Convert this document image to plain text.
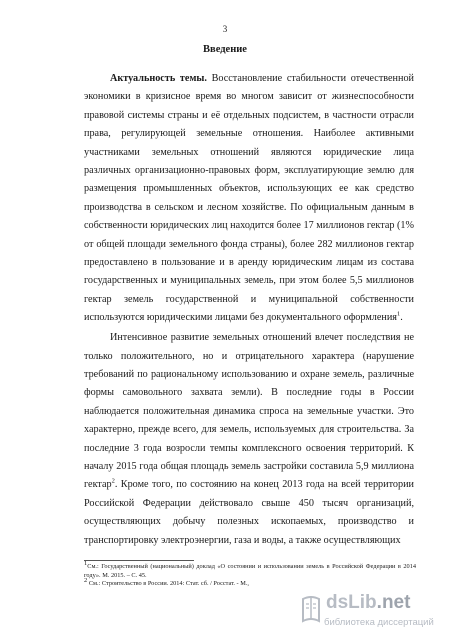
3
Введение

Актуальность темы. Восстановление стабильности отечественной экономики в кризисное время во многом зависит от жизнеспособности правовой системы страны и её отдельных подсистем, в частности отрасли права, регулирующей земельные отношения. Наиболее активными участниками земельных отношений являются юридические лица различных организационно-правовых форм, эксплуатирующие землю для размещения промышленных объектов, использующих ее как средство производства в сельском и лесном хозяйстве. По официальным данным в собственности юридических лиц находится более 17 миллионов гектар (1% от общей площади земельного фонда страны), более 282 миллионов гектар предоставлено в пользование и в аренду юридическим лицам из состава государственных и муниципальных земель, при этом более 5,5 миллионов гектар земель государственной и муниципальной собственности используются юридическими лицами без документального оформления$^1$.

Интенсивное развитие земельных отношений влечет последствия не только положительного, но и отрицательного характера (нарушение требований по рациональному использованию и охране земель, различные формы самовольного захвата земли). В последние годы в России наблюдается положительная динамика спроса на земельные участки. Это характерно, прежде всего, для земель, используемых для строительства. За последние 3 года возросли темпы комплексного освоения территорий. К началу 2015 года общая площадь земель застройки составила 5,9 миллиона гектар$^2$. Кроме того, по состоянию на конец 2013 года на всей территории Российской Федерации действовало свыше 450 тысяч организаций, осуществляющих добычу полезных ископаемых, производство и транспортировку электроэнергии, газа и воды, а также осуществляющих

$^1$См.: Государственный (национальный) доклад «О состоянии и использовании земель в Российской Федерации в 2014 году». М. 2015. – С. 45.

$^2$ См.: Строительство в России. 2014: Стат. сб. / Росстат. - М.,

dsLib.net
библиотека диссертаций
